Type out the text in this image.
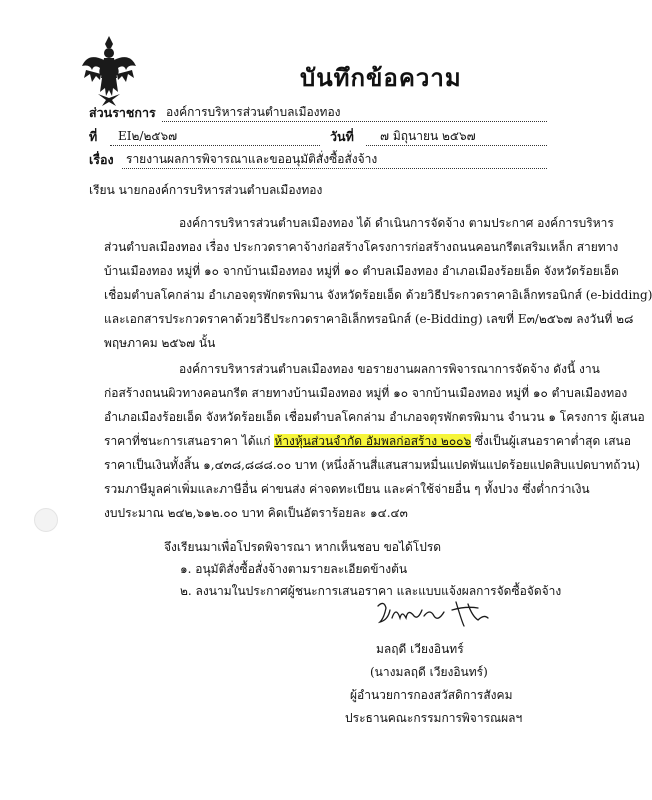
บันทึกข้อความ
ส่วนราชการ องค์การบริหารส่วนตำบลเมืองทอง
ที่ EI๒/๒๕๖๗	วันที่ ๗ มิถุนายน ๒๕๖๗
เรื่อง รายงานผลการพิจารณาและขออนุมัติสั่งซื้อสั่งจ้าง
เรียน นายกองค์การบริหารส่วนตำบลเมืองทอง
องค์การบริหารส่วนตำบลเมืองทอง ได้ ดำเนินการจัดจ้าง ตามประกาศ องค์การบริหาร
ส่วนตำบลเมืองทอง เรื่อง ประกวดราคาจ้างก่อสร้างโครงการก่อสร้างถนนคอนกรีตเสริมเหล็ก สายทาง
บ้านเมืองทอง หมู่ที่ ๑๐ จากบ้านเมืองทอง หมู่ที่ ๑๐ ตำบลเมืองทอง อำเภอเมืองร้อยเอ็ด จังหวัดร้อยเอ็ด
เชื่อมตำบลโคกล่าม อำเภอจตุรพักตรพิมาน จังหวัดร้อยเอ็ด ด้วยวิธีประกวดราคาอิเล็กทรอนิกส์ (e-bidding)
และเอกสารประกวดราคาด้วยวิธีประกวดราคาอิเล็กทรอนิกส์ (e-Bidding) เลขที่ E๓/๒๕๖๗ ลงวันที่ ๒๘
พฤษภาคม ๒๕๖๗ นั้น
องค์การบริหารส่วนตำบลเมืองทอง ขอรายงานผลการพิจารณาการจัดจ้าง ดังนี้ งาน
ก่อสร้างถนนผิวทางคอนกรีต สายทางบ้านเมืองทอง หมู่ที่ ๑๐ จากบ้านเมืองทอง หมู่ที่ ๑๐ ตำบลเมืองทอง
อำเภอเมืองร้อยเอ็ด จังหวัดร้อยเอ็ด เชื่อมตำบลโคกล่าม อำเภอจตุรพักตรพิมาน จำนวน ๑ โครงการ ผู้เสนอ
ราคาที่ชนะการเสนอราคา ได้แก่ ห้างหุ้นส่วนจำกัด อัมพลก่อสร้าง ๒๐๐๖ ซึ่งเป็นผู้เสนอราคาต่ำสุด เสนอ
ราคาเป็นเงินทั้งสิ้น ๑,๔๓๘,๘๘๘.๐๐ บาท (หนึ่งล้านสี่แสนสามหมื่นแปดพันแปดร้อยแปดสิบแปดบาทถ้วน)
รวมภาษีมูลค่าเพิ่มและภาษีอื่น ค่าขนส่ง ค่าจดทะเบียน และค่าใช้จ่ายอื่น ๆ ทั้งปวง ซึ่งต่ำกว่าเงิน
งบประมาณ ๒๔๒,๖๑๒.๐๐ บาท คิดเป็นอัตราร้อยละ ๑๔.๔๓
จึงเรียนมาเพื่อโปรดพิจารณา หากเห็นชอบ ขอได้โปรด
๑. อนุมัติสั่งซื้อสั่งจ้างตามรายละเอียดข้างต้น
๒. ลงนามในประกาศผู้ชนะการเสนอราคา และแบบแจ้งผลการจัดซื้อจัดจ้าง
มลฤดี เวียงอินทร์
(นางมลฤดี เวียงอินทร์)
ผู้อำนวยการกองสวัสดิการสังคม
ประธานคณะกรรมการพิจารณผลฯ
